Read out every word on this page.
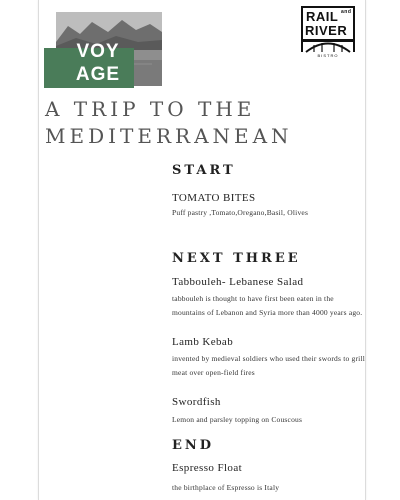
VOY
AGE
RAIL and
RIVER
BISTRO
A TRIP TO THE
MEDITERRANEAN
START
TOMATO BITES
Puff pastry ,Tomato,Oregano,Basil, Olives
NEXT THREE
Tabbouleh- Lebanese Salad
tabbouleh is thought to have first been eaten in the mountains of Lebanon and Syria more than 4000 years ago.
Lamb Kebab
invented by medieval soldiers who used their swords to grill meat over open-field fires
Swordfish
Lemon and parsley topping on Couscous
END
Espresso Float
the birthplace of Espresso is Italy
